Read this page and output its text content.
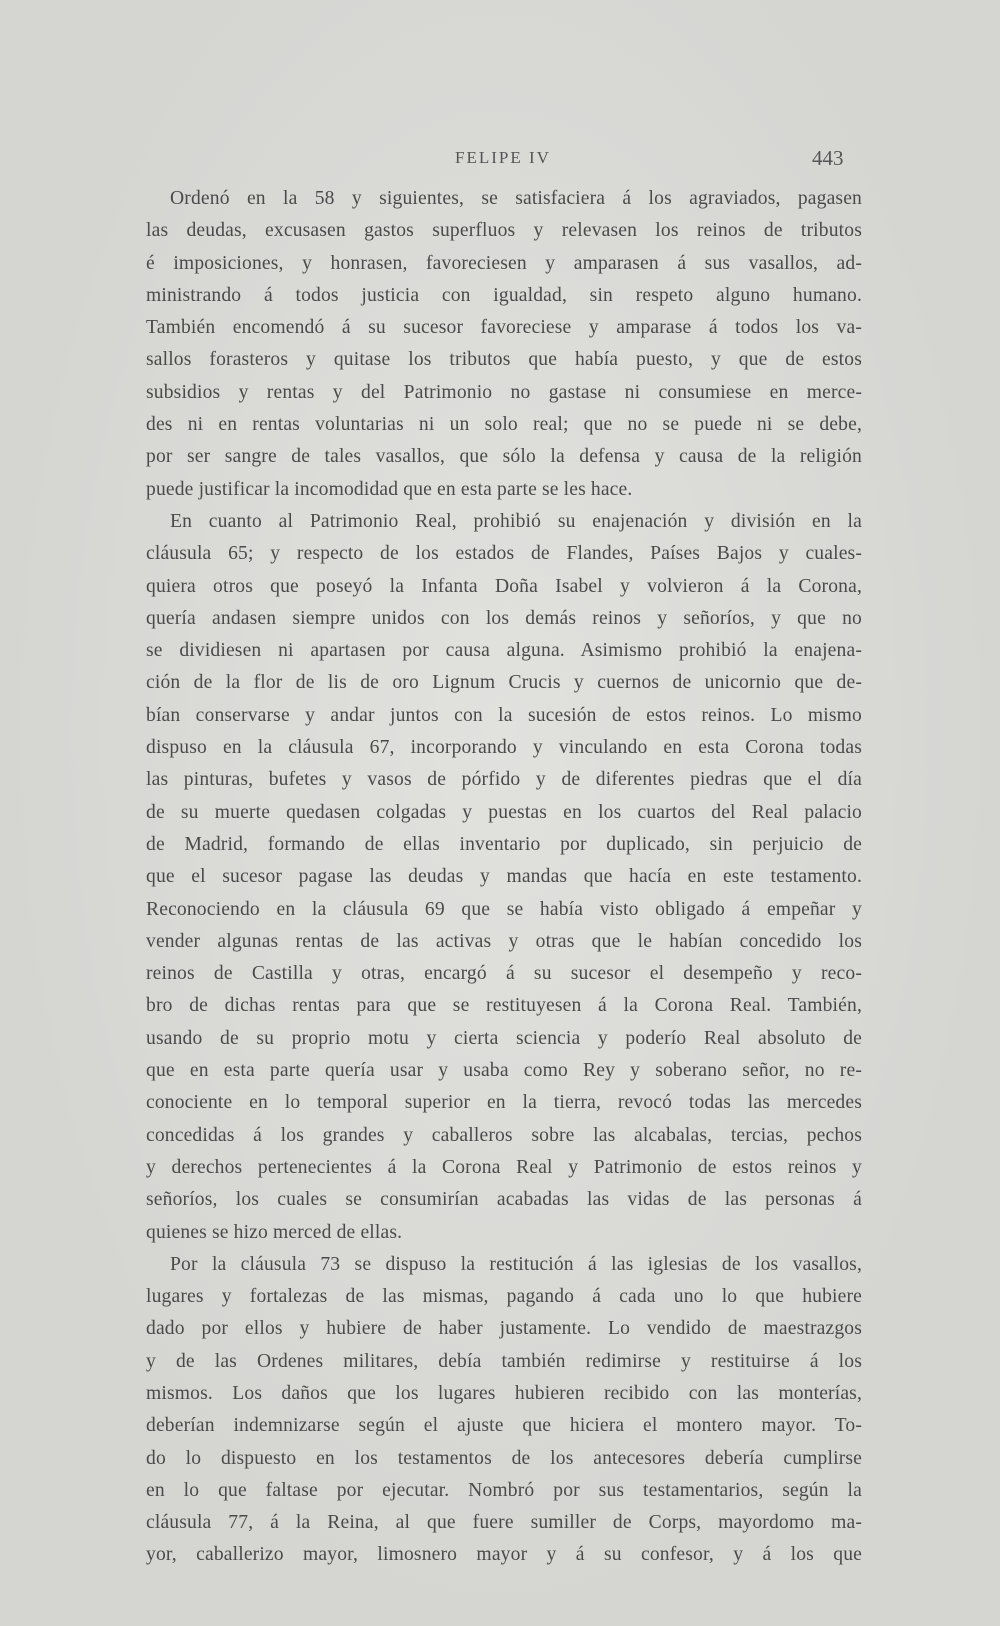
FELIPE IV	443
Ordenó en la 58 y siguientes, se satisfaciera á los agraviados, pagasen
las deudas, excusasen gastos superfluos y relevasen los reinos de tributos
é imposiciones, y honrasen, favoreciesen y amparasen á sus vasallos, ad-
ministrando á todos justicia con igualdad, sin respeto alguno humano.
También encomendó á su sucesor favoreciese y amparase á todos los va-
sallos forasteros y quitase los tributos que había puesto, y que de estos
subsidios y rentas y del Patrimonio no gastase ni consumiese en merce-
des ni en rentas voluntarias ni un solo real; que no se puede ni se debe,
por ser sangre de tales vasallos, que sólo la defensa y causa de la religión
puede justificar la incomodidad que en esta parte se les hace.
En cuanto al Patrimonio Real, prohibió su enajenación y división en la
cláusula 65; y respecto de los estados de Flandes, Países Bajos y cuales-
quiera otros que poseyó la Infanta Doña Isabel y volvieron á la Corona,
quería andasen siempre unidos con los demás reinos y señoríos, y que no
se dividiesen ni apartasen por causa alguna. Asimismo prohibió la enajena-
ción de la flor de lis de oro Lignum Crucis y cuernos de unicornio que de-
bían conservarse y andar juntos con la sucesión de estos reinos. Lo mismo
dispuso en la cláusula 67, incorporando y vinculando en esta Corona todas
las pinturas, bufetes y vasos de pórfido y de diferentes piedras que el día
de su muerte quedasen colgadas y puestas en los cuartos del Real palacio
de Madrid, formando de ellas inventario por duplicado, sin perjuicio de
que el sucesor pagase las deudas y mandas que hacía en este testamento.
Reconociendo en la cláusula 69 que se había visto obligado á empeñar y
vender algunas rentas de las activas y otras que le habían concedido los
reinos de Castilla y otras, encargó á su sucesor el desempeño y reco-
bro de dichas rentas para que se restituyesen á la Corona Real. También,
usando de su proprio motu y cierta sciencia y poderío Real absoluto de
que en esta parte quería usar y usaba como Rey y soberano señor, no re-
conociente en lo temporal superior en la tierra, revocó todas las mercedes
concedidas á los grandes y caballeros sobre las alcabalas, tercias, pechos
y derechos pertenecientes á la Corona Real y Patrimonio de estos reinos y
señoríos, los cuales se consumirían acabadas las vidas de las personas á
quienes se hizo merced de ellas.
Por la cláusula 73 se dispuso la restitución á las iglesias de los vasallos,
lugares y fortalezas de las mismas, pagando á cada uno lo que hubiere
dado por ellos y hubiere de haber justamente. Lo vendido de maestrazgos
y de las Ordenes militares, debía también redimirse y restituirse á los
mismos. Los daños que los lugares hubieren recibido con las monterías,
deberían indemnizarse según el ajuste que hiciera el montero mayor. To-
do lo dispuesto en los testamentos de los antecesores debería cumplirse
en lo que faltase por ejecutar. Nombró por sus testamentarios, según la
cláusula 77, á la Reina, al que fuere sumiller de Corps, mayordomo ma-
yor, caballerizo mayor, limosnero mayor y á su confesor, y á los que
